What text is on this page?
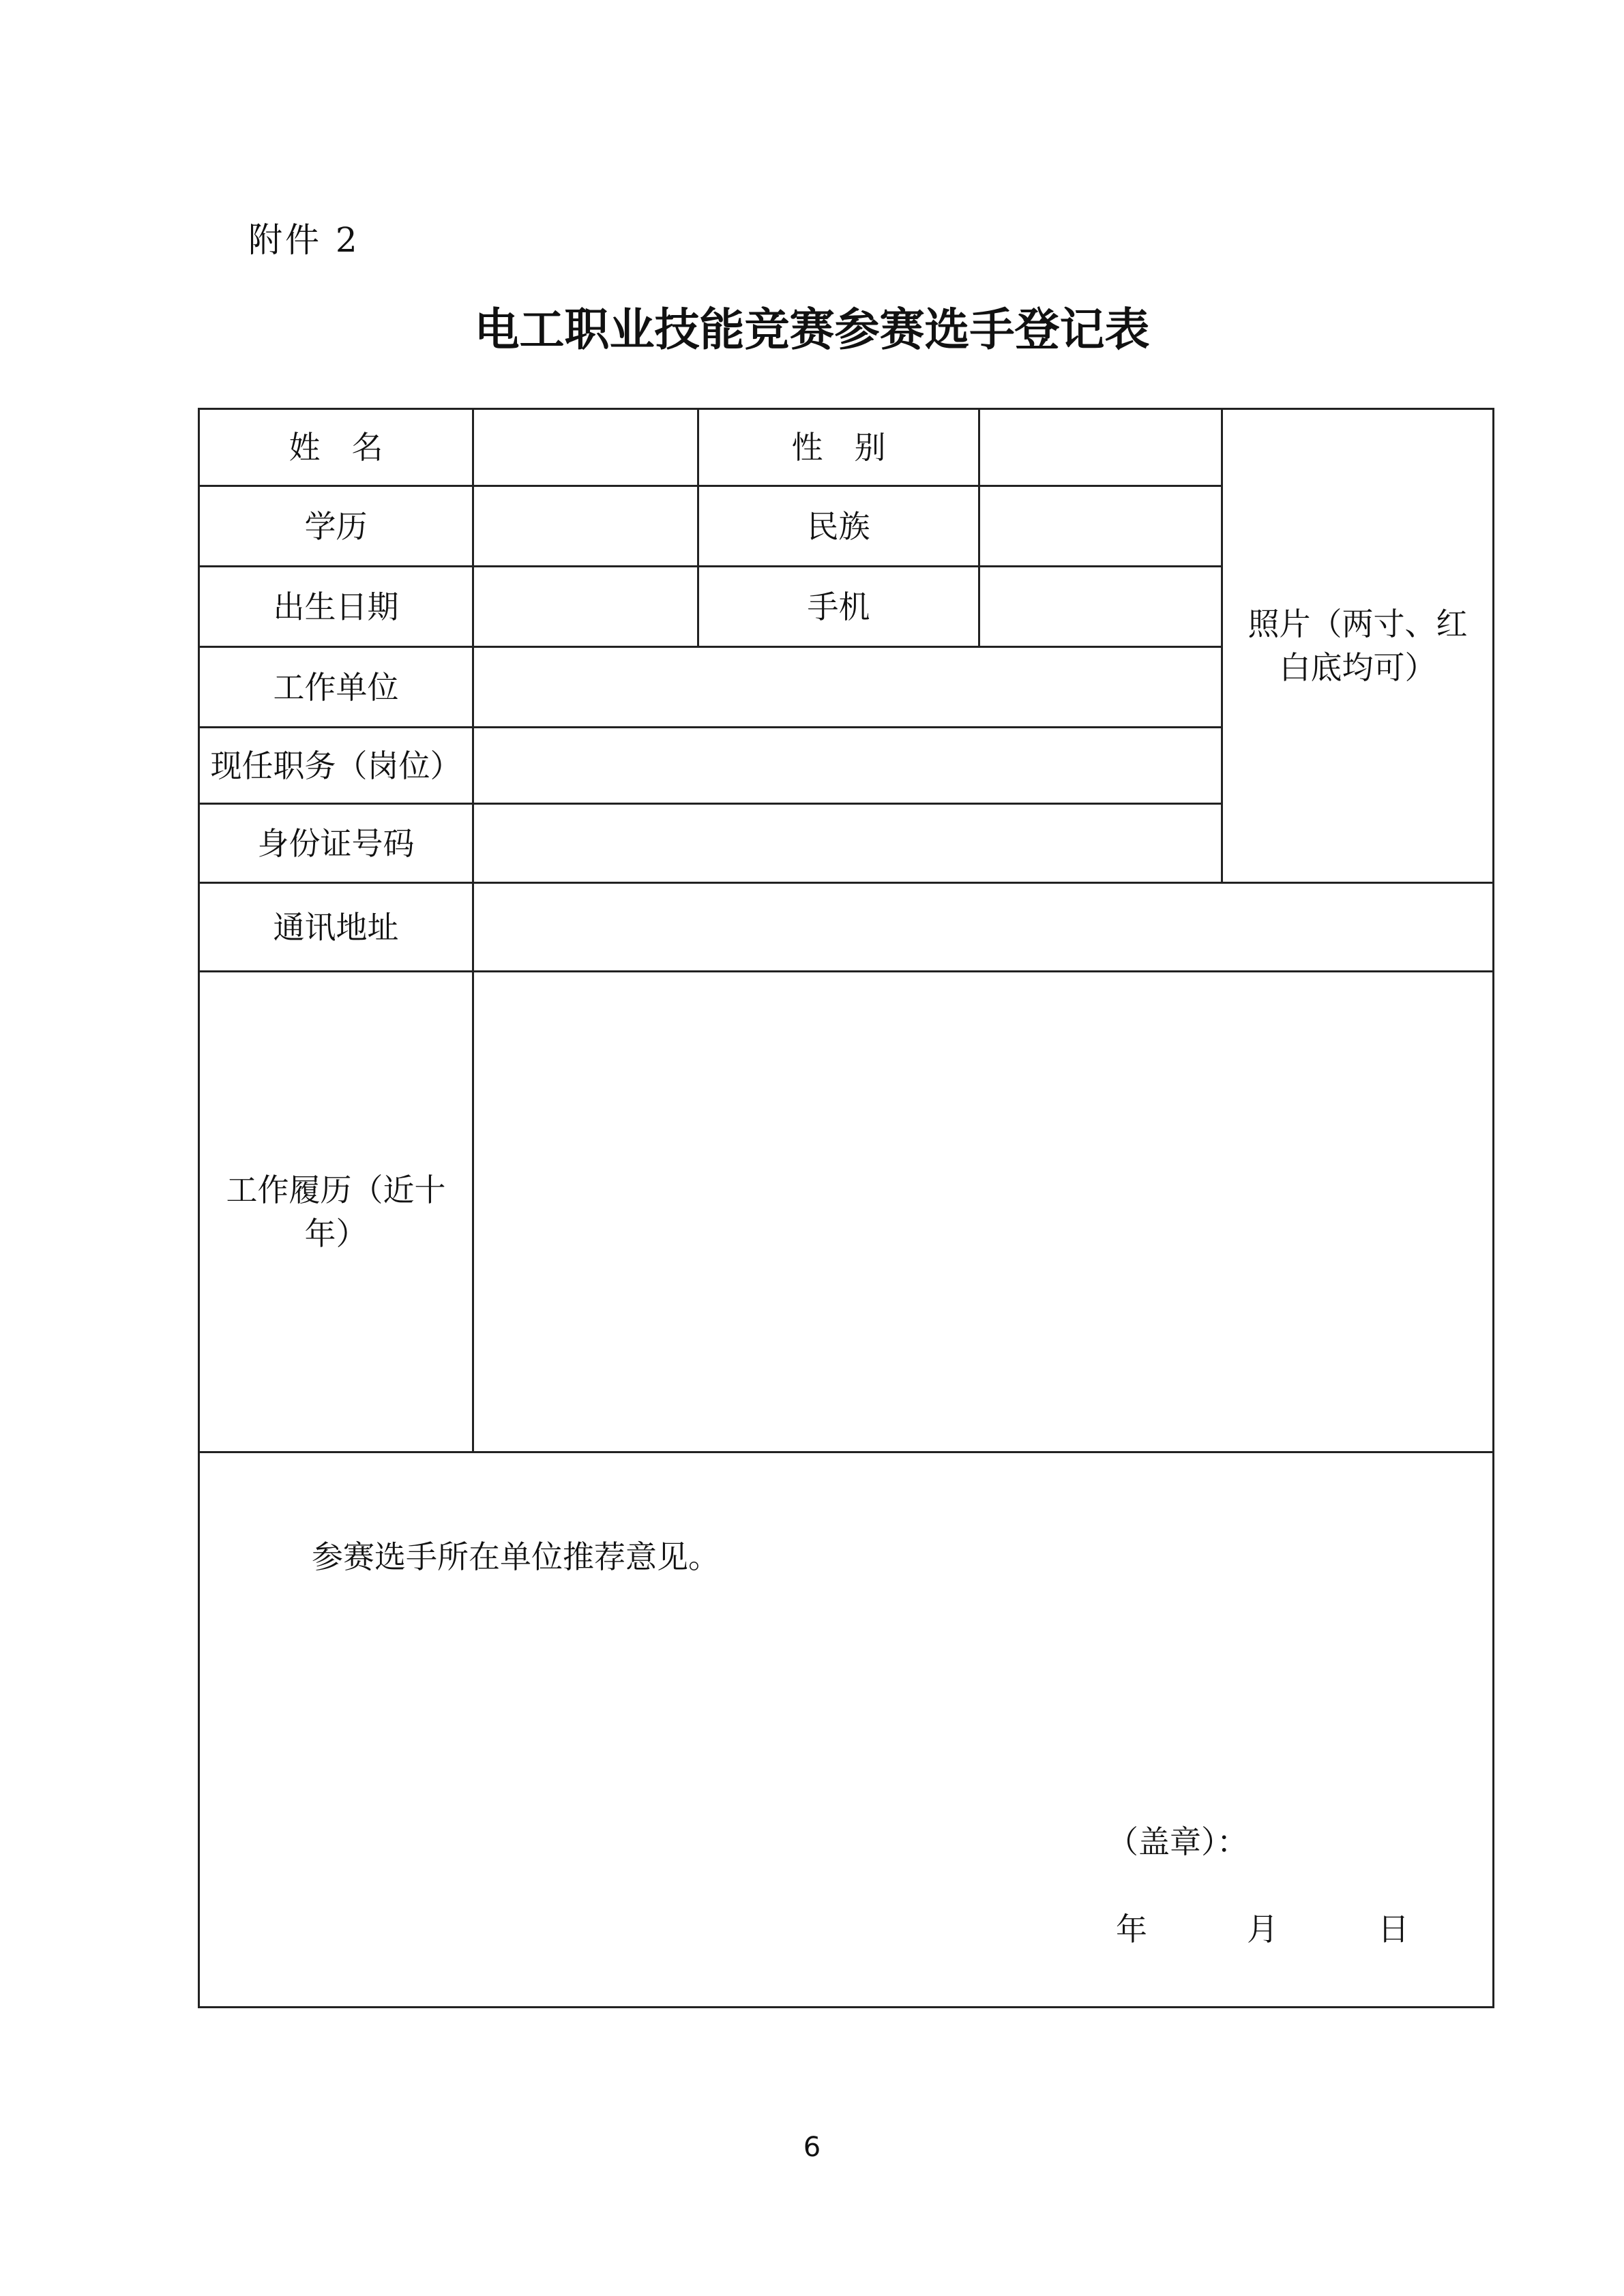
附件 2
电工职业技能竞赛参赛选手登记表
姓　名		性　别		照片（两寸、红白底均可）
学历		民族		
出生日期		手机		
工作单位				
现任职务（岗位）				
身份证号码				
通讯地址				
工作履历（近十年）				

参赛选手所在单位推荐意见。
（盖章）：
年 月 日				
6
